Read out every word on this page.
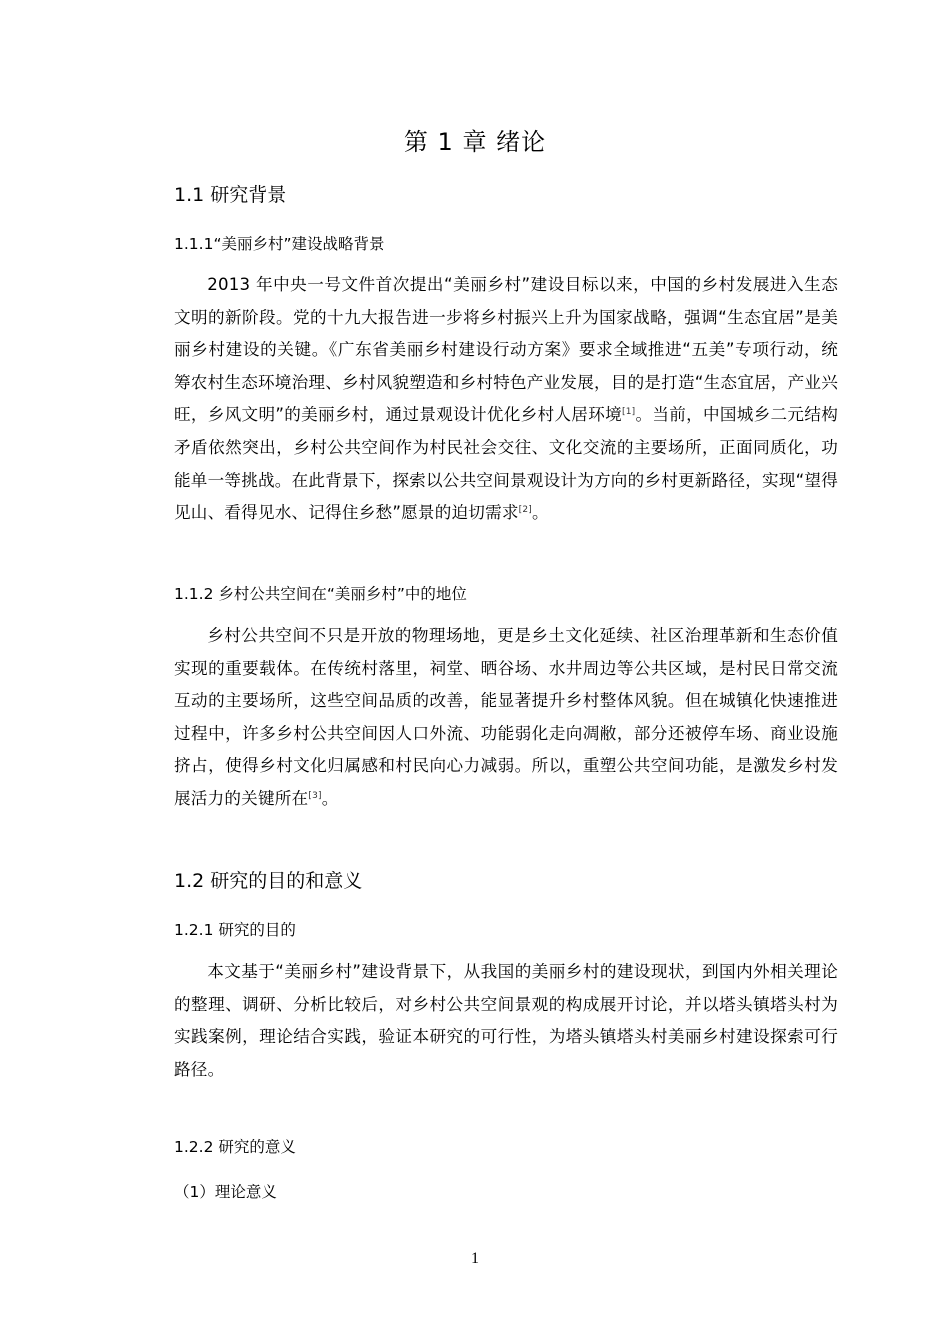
第 1 章 绪论
1.1 研究背景
1.1.1“美丽乡村”建设战略背景
2013 年中央一号文件首次提出“美丽乡村”建设目标以来，中国的乡村发展进入生态文明的新阶段。党的十九大报告进一步将乡村振兴上升为国家战略，强调“生态宜居”是美丽乡村建设的关键。《广东省美丽乡村建设行动方案》要求全域推进“五美”专项行动，统筹农村生态环境治理、乡村风貌塑造和乡村特色产业发展，目的是打造“生态宜居，产业兴旺，乡风文明”的美丽乡村，通过景观设计优化乡村人居环境[1]。当前，中国城乡二元结构矛盾依然突出，乡村公共空间作为村民社会交往、文化交流的主要场所，正面同质化，功能单一等挑战。在此背景下，探索以公共空间景观设计为方向的乡村更新路径，实现“望得见山、看得见水、记得住乡愁”愿景的迫切需求[2]。
1.1.2 乡村公共空间在“美丽乡村”中的地位
乡村公共空间不只是开放的物理场地，更是乡土文化延续、社区治理革新和生态价值实现的重要载体。在传统村落里，祠堂、晒谷场、水井周边等公共区域，是村民日常交流互动的主要场所，这些空间品质的改善，能显著提升乡村整体风貌。但在城镇化快速推进过程中，许多乡村公共空间因人口外流、功能弱化走向凋敝，部分还被停车场、商业设施挤占，使得乡村文化归属感和村民向心力减弱。所以，重塑公共空间功能，是激发乡村发展活力的关键所在[3]。
1.2 研究的目的和意义
1.2.1 研究的目的
本文基于“美丽乡村”建设背景下，从我国的美丽乡村的建设现状，到国内外相关理论的整理、调研、分析比较后，对乡村公共空间景观的构成展开讨论，并以塔头镇塔头村为实践案例，理论结合实践，验证本研究的可行性，为塔头镇塔头村美丽乡村建设探索可行路径。
1.2.2 研究的意义
（1）理论意义
1
